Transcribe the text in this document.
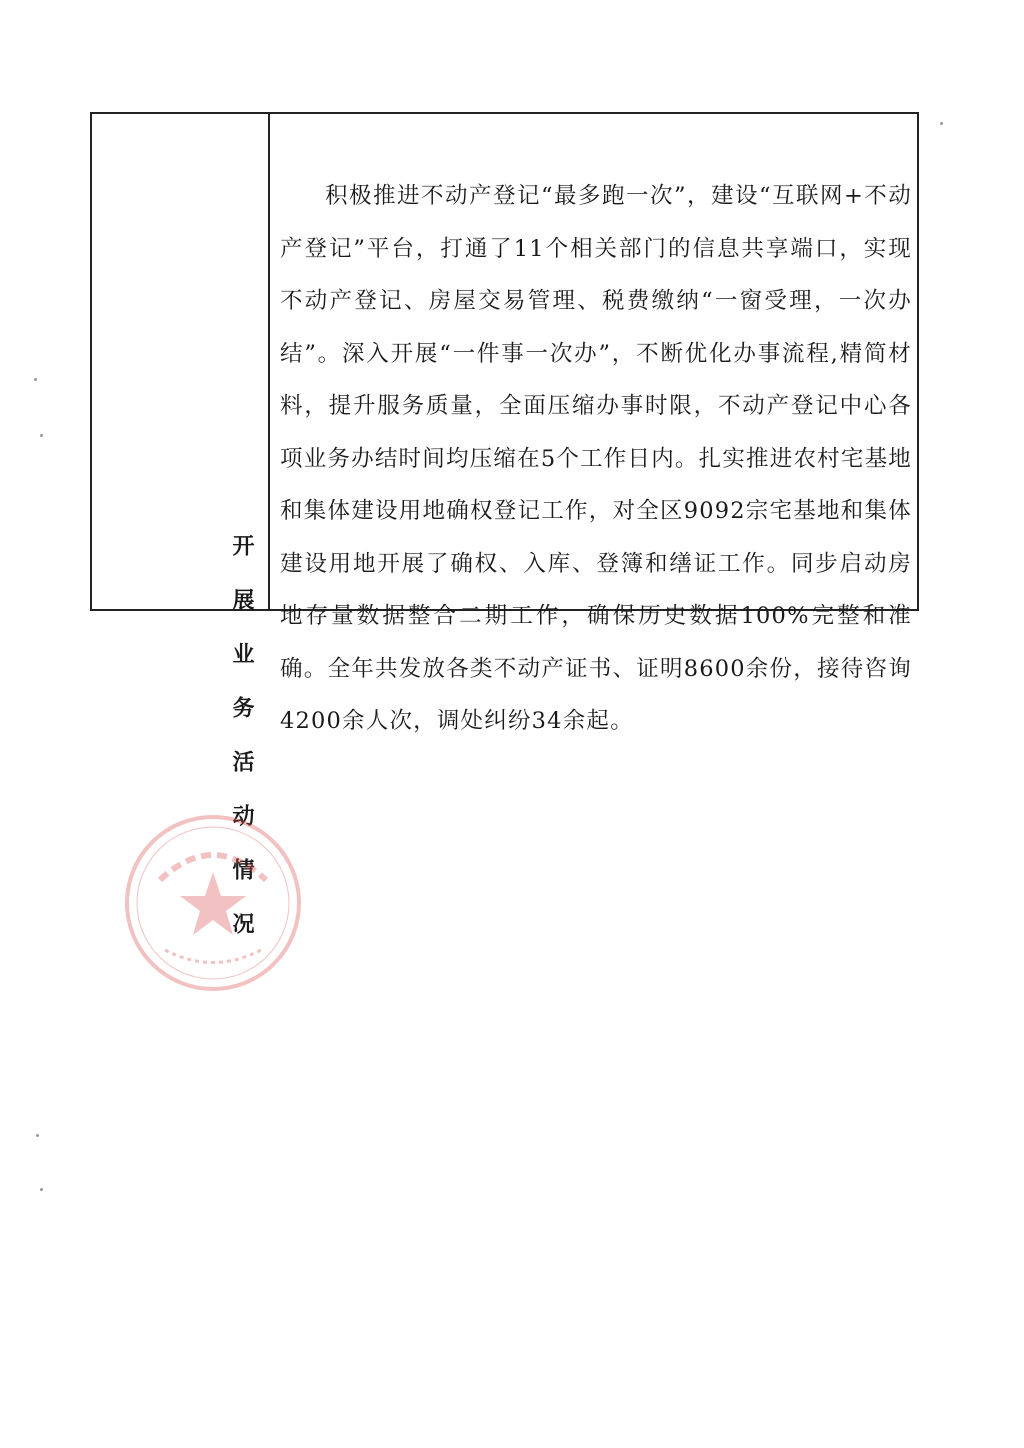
开展业务活动情况
积极推进不动产登记“最多跑一次”，建设“互联网+不动产登记”平台，打通了11个相关部门的信息共享端口，实现不动产登记、房屋交易管理、税费缴纳“一窗受理，一次办结”。深入开展“一件事一次办”，不断优化办事流程,精简材料，提升服务质量，全面压缩办事时限，不动产登记中心各项业务办结时间均压缩在5个工作日内。扎实推进农村宅基地和集体建设用地确权登记工作，对全区9092宗宅基地和集体建设用地开展了确权、入库、登簿和缮证工作。同步启动房地存量数据整合二期工作，确保历史数据100%完整和准确。全年共发放各类不动产证书、证明8600余份，接待咨询4200余人次，调处纠纷34余起。
